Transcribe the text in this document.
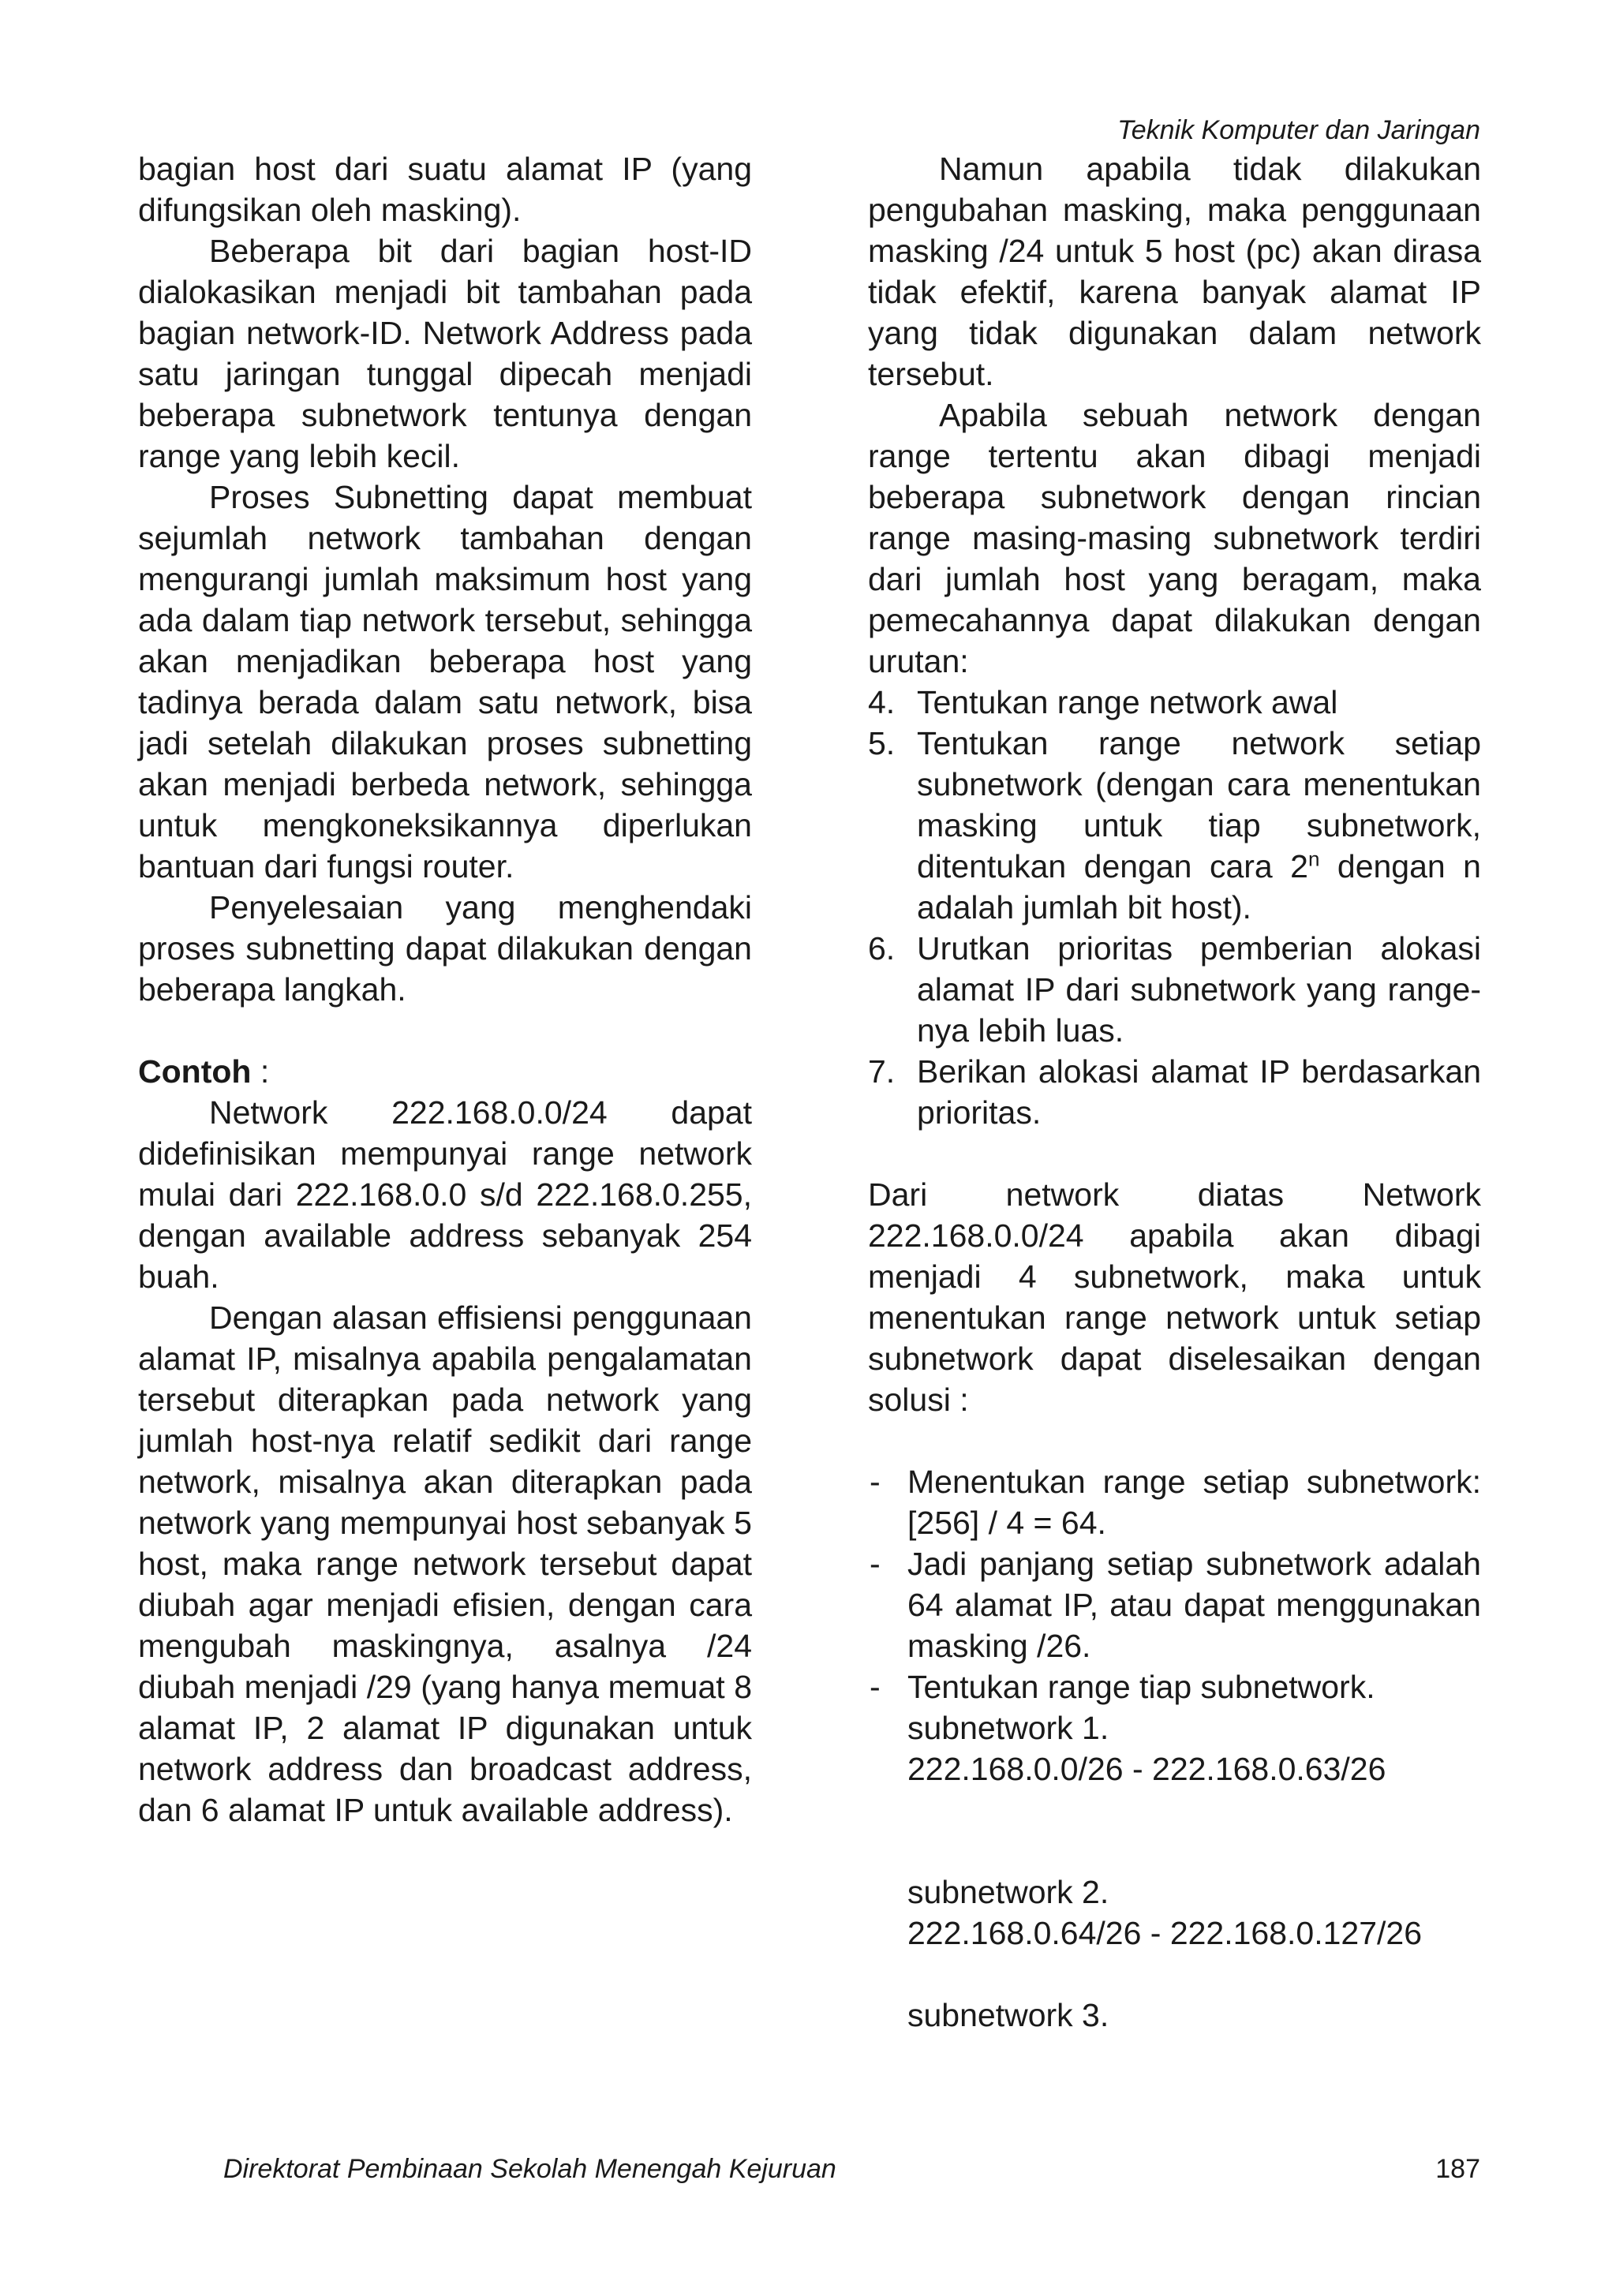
Teknik Komputer dan Jaringan

bagian host dari suatu alamat IP (yang difungsikan oleh masking).

Beberapa bit dari bagian host-ID dialokasikan menjadi bit tambahan pada bagian network-ID. Network Address pada satu jaringan tunggal dipecah menjadi beberapa subnetwork tentunya dengan range yang lebih kecil.

Proses Subnetting dapat membuat sejumlah network tambahan dengan mengurangi jumlah maksimum host yang ada dalam tiap network tersebut, sehingga akan menjadikan beberapa host yang tadinya berada dalam satu network, bisa jadi setelah dilakukan proses subnetting akan menjadi berbeda network, sehingga untuk mengkoneksikannya diperlukan bantuan dari fungsi router.

Penyelesaian yang menghendaki proses subnetting dapat dilakukan dengan beberapa langkah.

Contoh :

Network 222.168.0.0/24 dapat didefinisikan mempunyai range network mulai dari 222.168.0.0 s/d 222.168.0.255, dengan available address sebanyak 254 buah.

Dengan alasan effisiensi penggunaan alamat IP, misalnya apabila pengalamatan tersebut diterapkan pada network yang jumlah host-nya relatif sedikit dari range network, misalnya akan diterapkan pada network yang mempunyai host sebanyak 5 host, maka range network tersebut dapat diubah agar menjadi efisien, dengan cara mengubah maskingnya, asalnya /24 diubah menjadi /29 (yang hanya memuat 8 alamat IP, 2 alamat IP digunakan untuk network address dan broadcast address, dan 6 alamat IP untuk available address).

Namun apabila tidak dilakukan pengubahan masking, maka penggunaan masking /24 untuk 5 host (pc) akan dirasa tidak efektif, karena banyak alamat IP yang tidak digunakan dalam network tersebut.

Apabila sebuah network dengan range tertentu akan dibagi menjadi beberapa subnetwork dengan rincian range masing-masing subnetwork terdiri dari jumlah host yang beragam, maka pemecahannya dapat dilakukan dengan urutan:

4. Tentukan range network awal
5. Tentukan range network setiap subnetwork (dengan cara menentukan masking untuk tiap subnetwork, ditentukan dengan cara 2$^n$ dengan n adalah jumlah bit host).
6. Urutkan prioritas pemberian alokasi alamat IP dari subnetwork yang range-nya lebih luas.
7. Berikan alokasi alamat IP berdasarkan prioritas.

Dari network diatas Network 222.168.0.0/24 apabila akan dibagi menjadi 4 subnetwork, maka untuk menentukan range network untuk setiap subnetwork dapat diselesaikan dengan solusi :

- Menentukan range setiap subnetwork: [256] / 4 = 64.
- Jadi panjang setiap subnetwork adalah 64 alamat IP, atau dapat menggunakan masking /26.
- Tentukan range tiap subnetwork.
subnetwork 1.
222.168.0.0/26 - 222.168.0.63/26
subnetwork 2.
222.168.0.64/26 - 222.168.0.127/26
subnetwork 3.
Direktorat Pembinaan Sekolah Menengah Kejuruan	187
